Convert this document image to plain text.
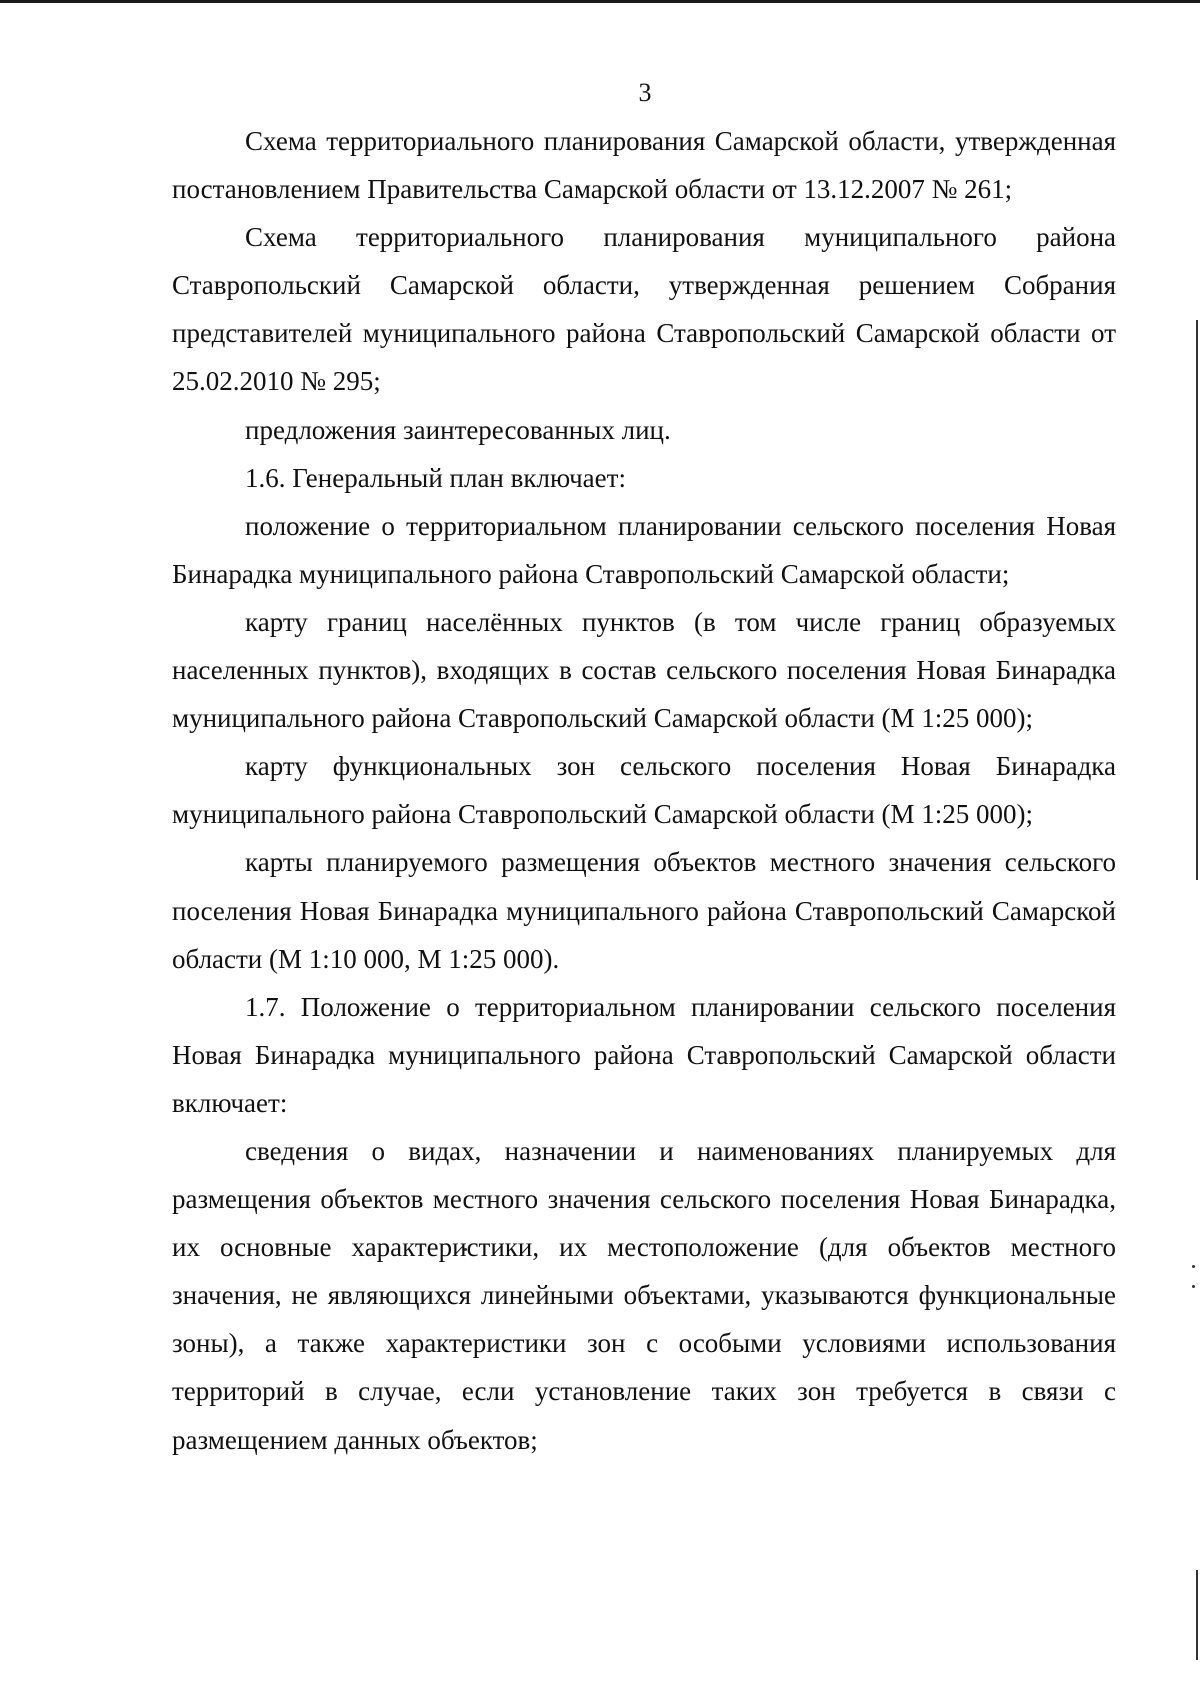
3

Схема территориального планирования Самарской области, утвержденная постановлением Правительства Самарской области от 13.12.2007 № 261;

Схема территориального планирования муниципального района Ставропольский Самарской области, утвержденная решением Собрания представителей муниципального района Ставропольский Самарской области от 25.02.2010 № 295;

предложения заинтересованных лиц.

1.6. Генеральный план включает:

положение о территориальном планировании сельского поселения Новая Бинарадка муниципального района Ставропольский Самарской области;

карту границ населённых пунктов (в том числе границ образуемых населенных пунктов), входящих в состав сельского поселения Новая Бинарадка муниципального района Ставропольский Самарской области (М 1:25 000);

карту функциональных зон сельского поселения Новая Бинарадка муниципального района Ставропольский Самарской области (М 1:25 000);

карты планируемого размещения объектов местного значения сельского поселения Новая Бинарадка муниципального района Ставропольский Самарской области (М 1:10 000, М 1:25 000).

1.7. Положение о территориальном планировании сельского поселения Новая Бинарадка муниципального района Ставропольский Самарской области включает:

сведения о видах, назначении и наименованиях планируемых для размещения объектов местного значения сельского поселения Новая Бинарадка, их основные характеристики, их местоположение (для объектов местного значения, не являющихся линейными объектами, указываются функциональные зоны), а также характеристики зон с особыми условиями использования территорий в случае, если установление таких зон требуется в связи с размещением данных объектов;
